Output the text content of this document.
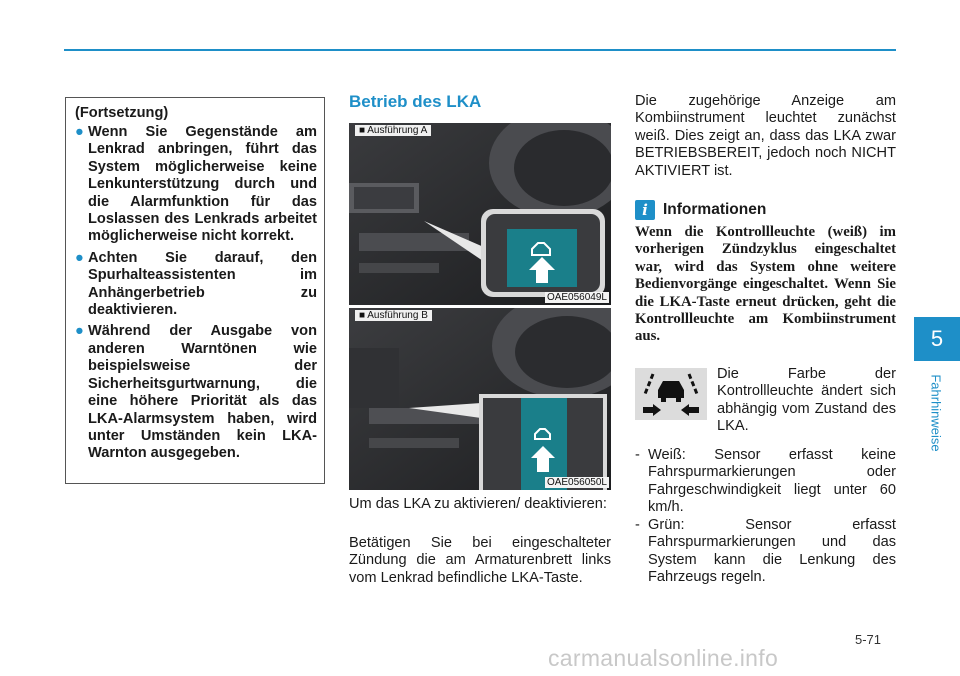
(Fortsetzung)
● Wenn Sie Gegenstände am Lenkrad anbringen, führt das System möglicherweise keine Lenkunterstützung durch und die Alarmfunktion für das Loslassen des Lenkrads arbeitet möglicherweise nicht korrekt.
● Achten Sie darauf, den Spurhalteassistenten im Anhängerbetrieb zu deaktivieren.
● Während der Ausgabe von anderen Warntönen wie beispielsweise der Sicherheitsgurtwarnung, die eine höhere Priorität als das LKA-Alarmsystem haben, wird unter Umständen kein LKA-Warnton ausgegeben.
Betrieb des LKA
■ Ausführung A
OAE056049L
■ Ausführung B
OAE056050L
Um das LKA zu aktivieren/ deaktivieren:
Betätigen Sie bei eingeschalteter Zündung die am Armaturenbrett links vom Lenkrad befindliche LKA-Taste.
Die zugehörige Anzeige am Kombiinstrument leuchtet zunächst weiß. Dies zeigt an, dass das LKA zwar BETRIEBSBEREIT, jedoch noch NICHT AKTIVIERT ist.
i Informationen
Wenn die Kontrollleuchte (weiß) im vorherigen Zündzyklus eingeschaltet war, wird das System ohne weitere Bedienvorgänge eingeschaltet. Wenn Sie die LKA-Taste erneut drücken, geht die Kontrollleuchte am Kombiinstrument aus.
Die Farbe der Kontrollleuchte ändert sich abhängig vom Zustand des LKA.
- Weiß: Sensor erfasst keine Fahrspurmarkierungen oder Fahrgeschwindigkeit liegt unter 60 km/h.
- Grün: Sensor erfasst Fahrspurmarkierungen und das System kann die Lenkung des Fahrzeugs regeln.
5
Fahrhinweise
5-71
carmanualsonline.info
